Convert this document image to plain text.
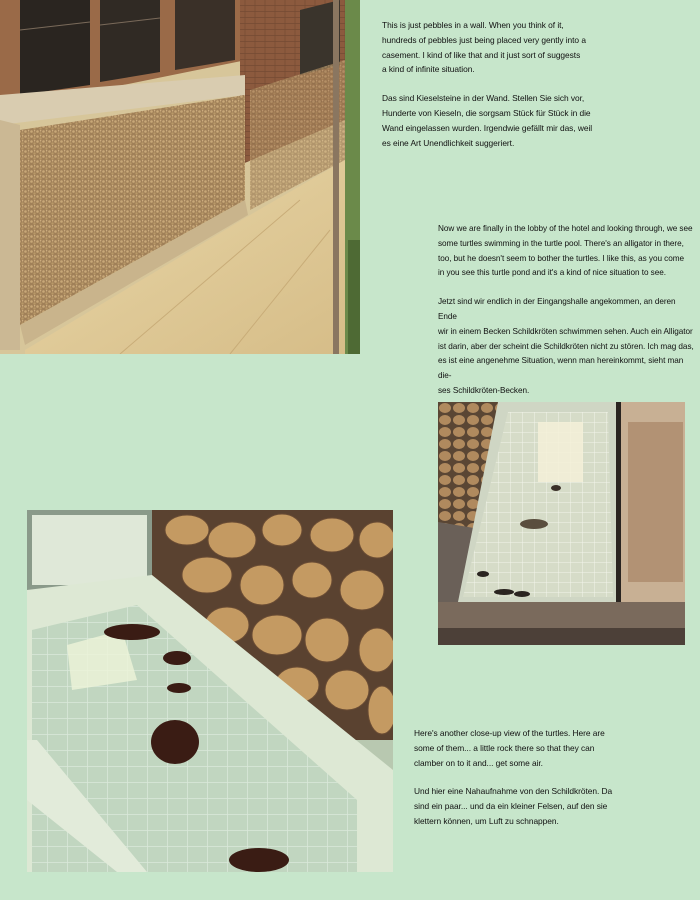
This is just pebbles in a wall. When you think of it,
hundreds of pebbles just being placed very gently into a
casement. I kind of like that and it just sort of suggests
a kind of infinite situation.

Das sind Kieselsteine in der Wand. Stellen Sie sich vor,
Hunderte von Kieseln, die sorgsam Stück für Stück in die
Wand eingelassen wurden. Irgendwie gefällt mir das, weil
es eine Art Unendlichkeit suggeriert.

Now we are finally in the lobby of the hotel and looking through, we see
some turtles swimming in the turtle pool. There's an alligator in there,
too, but he doesn't seem to bother the turtles. I like this, as you come
in you see this turtle pond and it's a kind of nice situation to see.

Jetzt sind wir endlich in der Eingangshalle angekommen, an deren Ende
wir in einem Becken Schildkröten schwimmen sehen. Auch ein Alligator
ist darin, aber der scheint die Schildkröten nicht zu stören. Ich mag das,
es ist eine angenehme Situation, wenn man hereinkommt, sieht man die-
ses Schildkröten-Becken.

Here's another close-up view of the turtles. Here are
some of them... a little rock there so that they can
clamber on to it and... get some air.

Und hier eine Nahaufnahme von den Schildkröten. Da
sind ein paar... und da ein kleiner Felsen, auf den sie
klettern können, um Luft zu schnappen.
